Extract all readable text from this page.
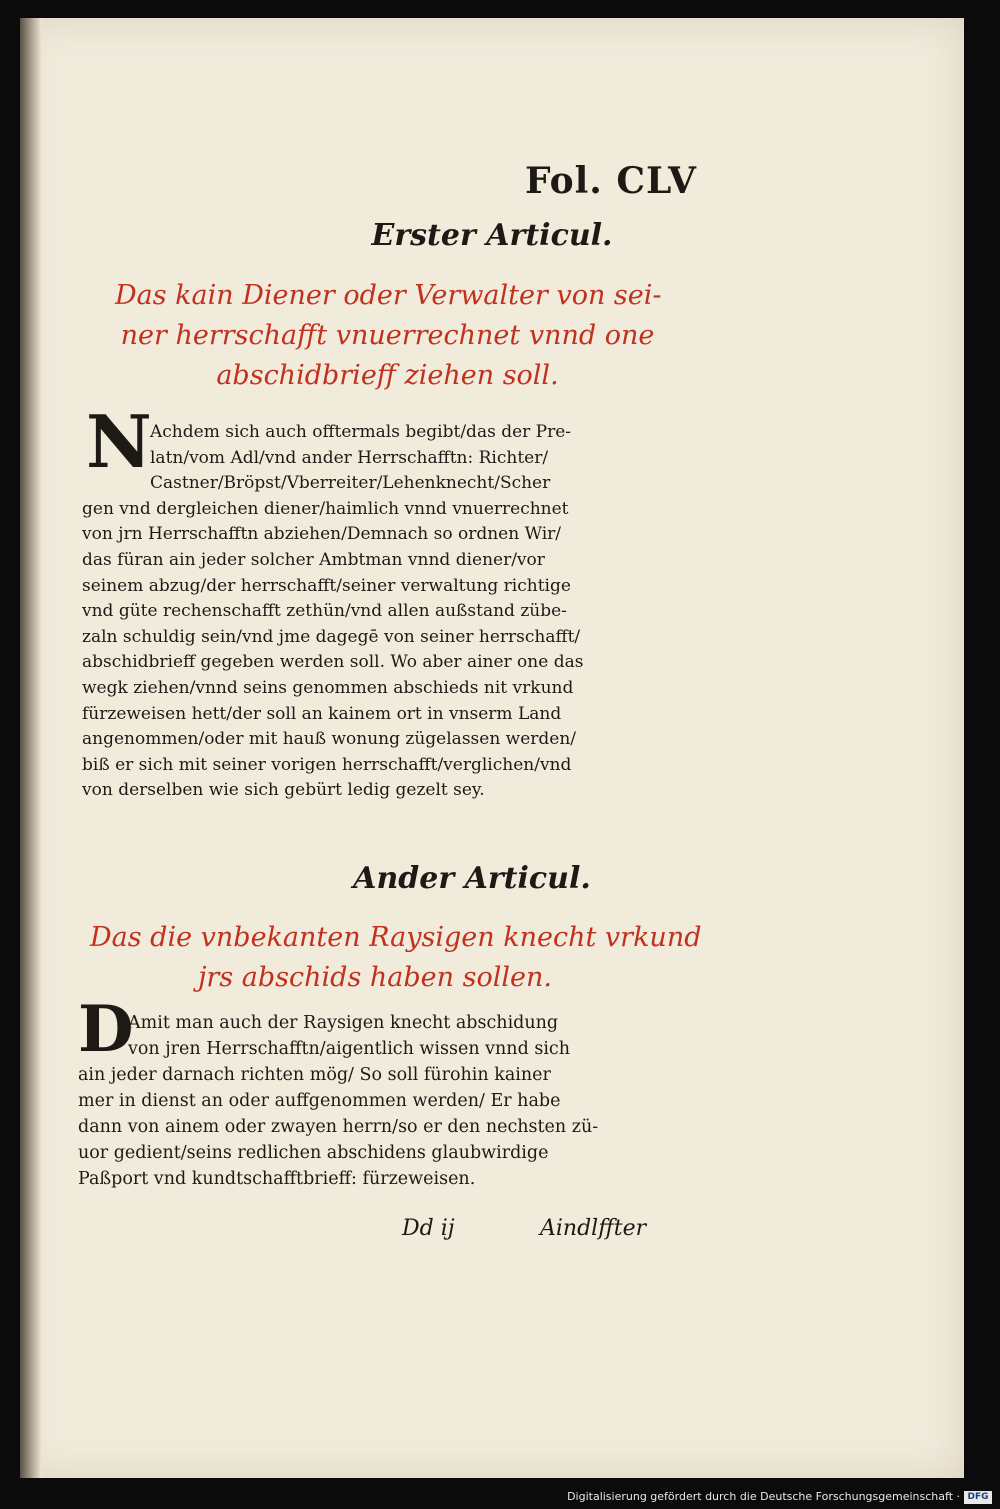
Fol. CLV
Erster Articul.
Das kain Diener oder Verwalter von sei-
ner herrschafft vnuerrechnet vnnd one
abschidbrieff ziehen soll.
N
Achdem sich auch offtermals begibt/das der Pre-
latn/vom Adl/vnd ander Herrschafftn: Richter/
Castner/Bröpst/Vberreiter/Lehenknecht/Scher
gen vnd dergleichen diener/haimlich vnnd vnuerrechnet
von jrn Herrschafftn abziehen/Demnach so ordnen Wir/
das füran ain jeder solcher Ambtman vnnd diener/vor
seinem abzug/der herrschafft/seiner verwaltung richtige
vnd güte rechenschafft zethün/vnd allen außstand zübe-
zaln schuldig sein/vnd jme dagegē von seiner herrschafft/
abschidbrieff gegeben werden soll. Wo aber ainer one das
wegk ziehen/vnnd seins genommen abschieds nit vrkund
fürzeweisen hett/der soll an kainem ort in vnserm Land
angenommen/oder mit hauß wonung zügelassen werden/
biß er sich mit seiner vorigen herrschafft/verglichen/vnd
von derselben wie sich gebürt ledig gezelt sey.
Ander Articul.
Das die vnbekanten Raysigen knecht vrkund
jrs abschids haben sollen.
D
Amit man auch der Raysigen knecht abschidung
von jren Herrschafftn/aigentlich wissen vnnd sich
ain jeder darnach richten mög/ So soll fürohin kainer
mer in dienst an oder auffgenommen werden/ Er habe
dann von ainem oder zwayen herrn/so er den nechsten zü-
uor gedient/seins redlichen abschidens glaubwirdige
Paßport vnd kundtschafftbrieff: fürzeweisen.
Dd ij	Aindlffter
Digitalisierung gefördert durch die Deutsche Forschungsgemeinschaft · DFG
